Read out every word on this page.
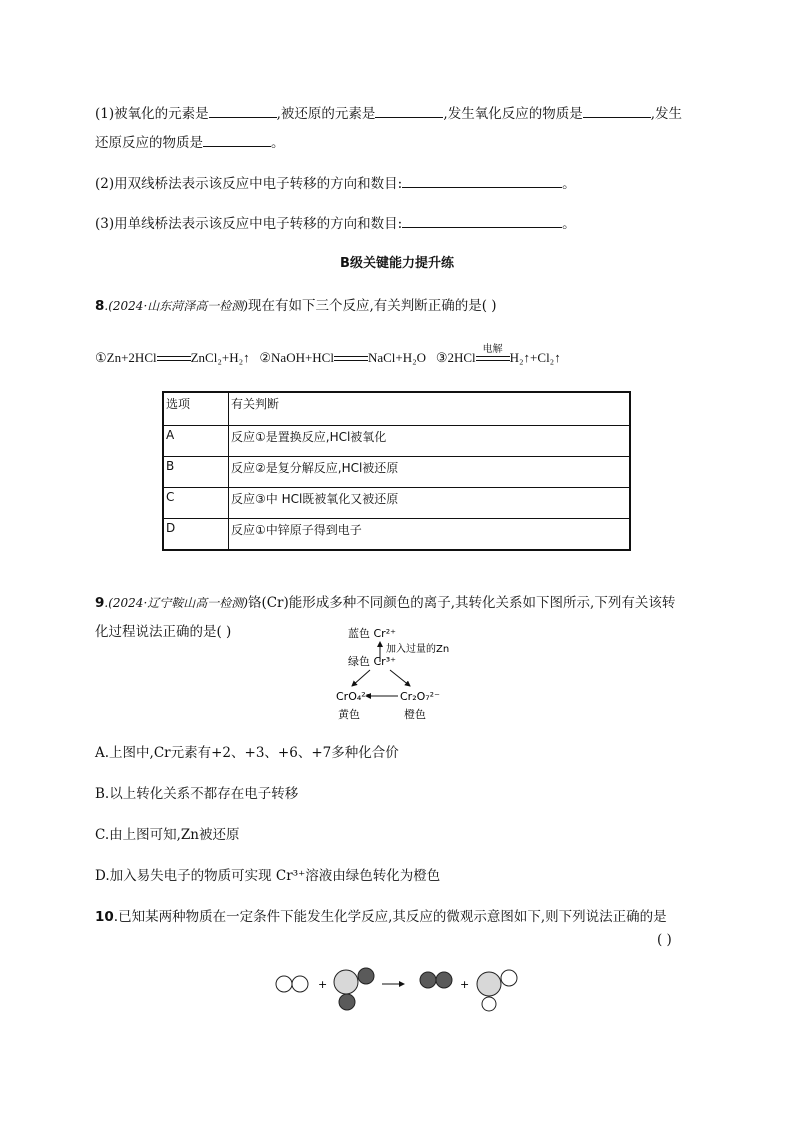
(1)被氧化的元素是	,被还原的元素是	,发生氧化反应的物质是	,发生
还原反应的物质是	。
(2)用双线桥法表示该反应中电子转移的方向和数目:	。
(3)用单线桥法表示该反应中电子转移的方向和数目:	。
B级关键能力提升练
8.(2024·山东菏泽高一检测)现在有如下三个反应,有关判断正确的是( )
①Zn+2HCl	ZnCl₂+H₂↑ ②NaOH+HCl	NaCl+H₂O ③2HCl
电解
H₂↑+Cl₂↑
选项	有关判断
A	反应①是置换反应,HCl被氧化
B	反应②是复分解反应,HCl被还原
C	反应③中 HCl既被氧化又被还原
D	反应①中锌原子得到电子
9.(2024·辽宁鞍山高一检测)铬(Cr)能形成多种不同颜色的离子,其转化关系如下图所示,下列有关该转
化过程说法正确的是( )	蓝色 Cr²⁺
加入过量的Zn
绿色 Cr³⁺
CrO₄²⁻	Cr₂O₇²⁻
黄色	橙色
A.上图中,Cr元素有+2、+3、+6、+7多种化合价
B.以上转化关系不都存在电子转移
C.由上图可知,Zn被还原
D.加入易失电子的物质可实现 Cr³⁺溶液由绿色转化为橙色
10.已知某两种物质在一定条件下能发生化学反应,其反应的微观示意图如下,则下列说法正确的是
( )
+	+
